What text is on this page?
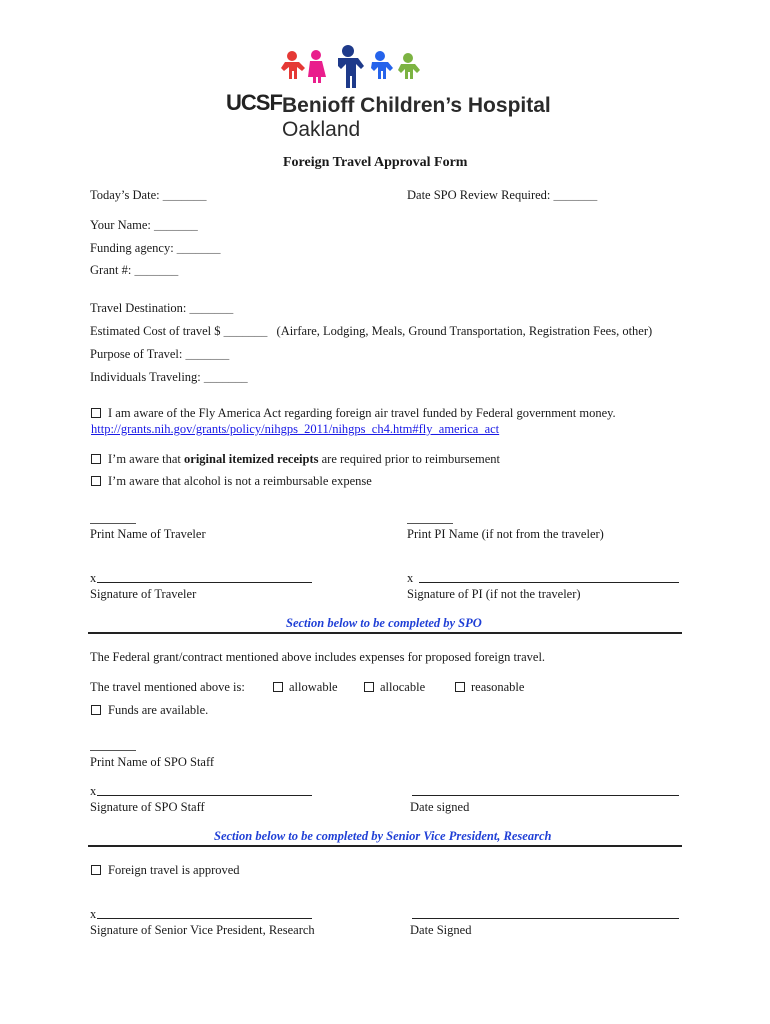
UCSF Benioff Children’s Hospital
Oakland
Foreign Travel Approval Form
Today’s Date: _______	Date SPO Review Required: _______
Your Name: _______
Funding agency: _______
Grant #: _______
Travel Destination: _______
Estimated Cost of travel $ _______ (Airfare, Lodging, Meals, Ground Transportation, Registration Fees, other)
Purpose of Travel: _______
Individuals Traveling: _______
I am aware of the Fly America Act regarding foreign air travel funded by Federal government money.
http://grants.nih.gov/grants/policy/nihgps_2011/nihgps_ch4.htm#fly_america_act
I’m aware that original itemized receipts are required prior to reimbursement
I’m aware that alcohol is not a reimbursable expense
Print Name of Traveler	Print PI Name (if not from the traveler)
x
Signature of Traveler
x
Signature of PI (if not the traveler)
Section below to be completed by SPO
The Federal grant/contract mentioned above includes expenses for proposed foreign travel.
The travel mentioned above is:	allowable	allocable	reasonable
Funds are available.
Print Name of SPO Staff
x
Signature of SPO Staff	Date signed
Section below to be completed by Senior Vice President, Research
Foreign travel is approved
x
Signature of Senior Vice President, Research	Date Signed
